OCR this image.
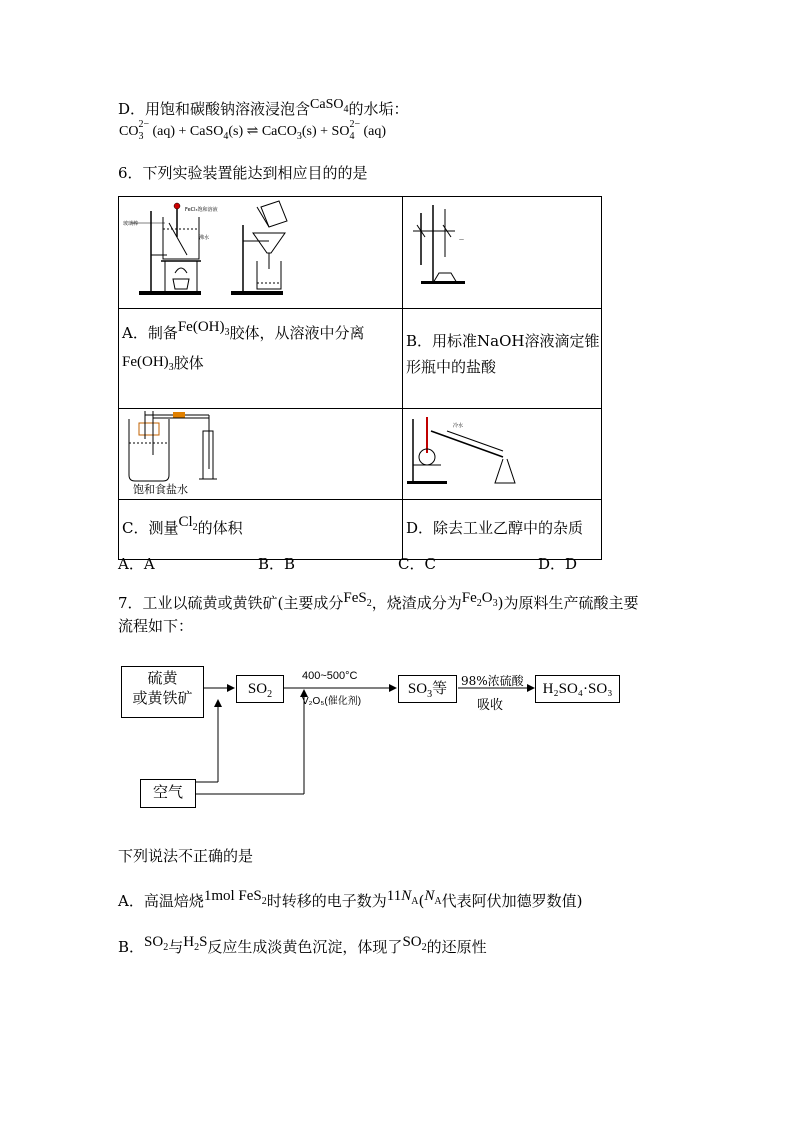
D．用饱和碳酸钠溶液浸泡含CaSO$_4$的水垢：
CO 2−
3 (aq) + CaSO$_4$(s) ⇌ CaCO$_3$(s) + SO 2−
4 (aq)
6．下列实验装置能达到相应目的的是
玻璃棒
FeCl₃饱和溶液
沸水	—

A．制备$Fe(OH)_3$胶体，从溶液中分离
$Fe(OH)_3$胶体	B．用标准NaOH溶液滴定锥
形瓶中的盐酸

饱和食盐水	冷水

C．测量$Cl_2$的体积	D．除去工业乙醇中的杂质
A．A	B．B	C．C	D．D
7．工业以硫黄或黄铁矿(主要成分FeS$_2$，烧渣成分为$Fe_2O_3$)为原料生产硫酸主要
流程如下：
硫黄
或黄铁矿
$SO_2$
400~500°C
V₂O₅(催化剂)
$SO_3$等	98%浓硫酸
吸收
H₂SO₄·SO₃
空气
下列说法不正确的是
A．高温焙烧1mol FeS$_2$时转移的电子数为$11N_A(N_A$代表阿伏加德罗数值)
B．$SO_2$与$H_2S$反应生成淡黄色沉淀，体现了$SO_2$的还原性
